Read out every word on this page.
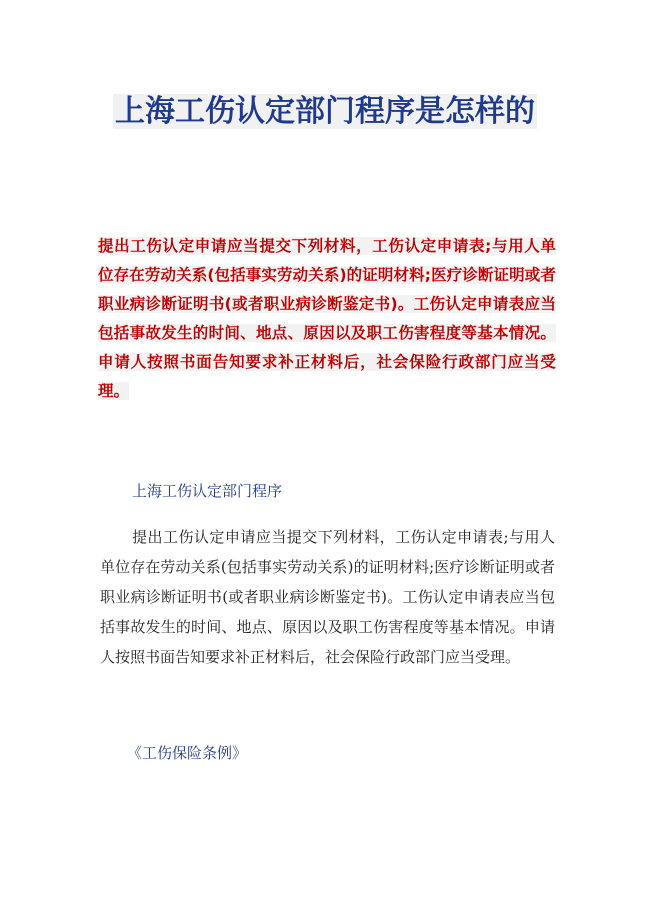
上海工伤认定部门程序是怎样的

提出工伤认定申请应当提交下列材料，工伤认定申请表;与用人单位存在劳动关系(包括事实劳动关系)的证明材料;医疗诊断证明或者职业病诊断证明书(或者职业病诊断鉴定书)。工伤认定申请表应当包括事故发生的时间、地点、原因以及职工伤害程度等基本情况。申请人按照书面告知要求补正材料后，社会保险行政部门应当受理。

上海工伤认定部门程序

提出工伤认定申请应当提交下列材料，工伤认定申请表;与用人单位存在劳动关系(包括事实劳动关系)的证明材料;医疗诊断证明或者职业病诊断证明书(或者职业病诊断鉴定书)。工伤认定申请表应当包括事故发生的时间、地点、原因以及职工伤害程度等基本情况。申请人按照书面告知要求补正材料后，社会保险行政部门应当受理。

《工伤保险条例》
